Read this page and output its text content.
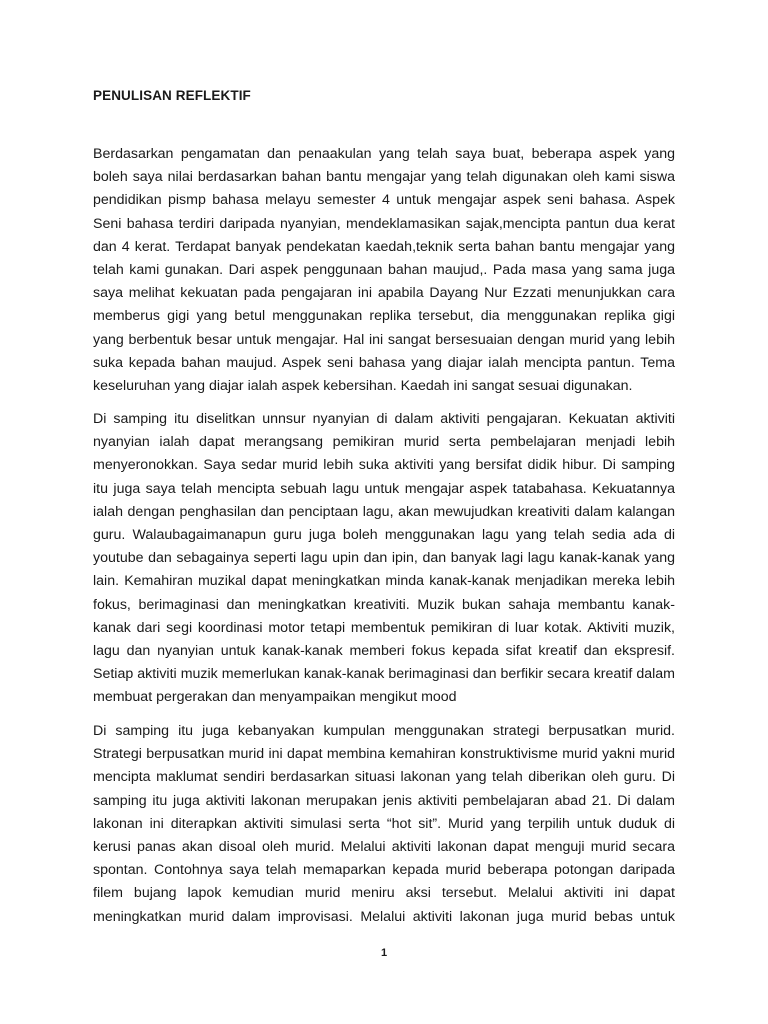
PENULISAN REFLEKTIF
Berdasarkan pengamatan dan penaakulan yang telah saya buat, beberapa aspek yang
boleh saya nilai berdasarkan bahan bantu mengajar yang telah digunakan oleh kami siswa
pendidikan pismp bahasa melayu semester 4 untuk mengajar aspek seni bahasa. Aspek
Seni bahasa terdiri daripada nyanyian, mendeklamasikan sajak,mencipta pantun dua kerat
dan 4 kerat. Terdapat banyak pendekatan kaedah,teknik serta bahan bantu mengajar yang
telah kami gunakan. Dari aspek penggunaan bahan maujud,. Pada masa yang sama juga
saya melihat kekuatan pada pengajaran ini apabila Dayang Nur Ezzati menunjukkan cara
memberus gigi yang betul menggunakan replika tersebut, dia menggunakan replika gigi
yang berbentuk besar untuk mengajar. Hal ini sangat bersesuaian dengan murid yang lebih
suka kepada bahan maujud. Aspek seni bahasa yang diajar ialah mencipta pantun. Tema
keseluruhan yang diajar ialah aspek kebersihan. Kaedah ini sangat sesuai digunakan.
Di samping itu diselitkan unnsur nyanyian di dalam aktiviti pengajaran. Kekuatan aktiviti
nyanyian ialah dapat merangsang pemikiran murid serta pembelajaran menjadi lebih
menyeronokkan. Saya sedar murid lebih suka aktiviti yang bersifat didik hibur. Di samping
itu juga saya telah mencipta sebuah lagu untuk mengajar aspek tatabahasa. Kekuatannya
ialah dengan penghasilan dan penciptaan lagu, akan mewujudkan kreativiti dalam kalangan
guru. Walaubagaimanapun guru juga boleh menggunakan lagu yang telah sedia ada di
youtube dan sebagainya seperti lagu upin dan ipin, dan banyak lagi lagu kanak-kanak yang
lain. Kemahiran muzikal dapat meningkatkan minda kanak-kanak menjadikan mereka lebih
fokus, berimaginasi dan meningkatkan kreativiti. Muzik bukan sahaja membantu kanak-
kanak dari segi koordinasi motor tetapi membentuk pemikiran di luar kotak. Aktiviti muzik,
lagu dan nyanyian untuk kanak-kanak memberi fokus kepada sifat kreatif dan ekspresif.
Setiap aktiviti muzik memerlukan kanak-kanak berimaginasi dan berfikir secara kreatif dalam
membuat pergerakan dan menyampaikan mengikut mood
Di samping itu juga kebanyakan kumpulan menggunakan strategi berpusatkan murid.
Strategi berpusatkan murid ini dapat membina kemahiran konstruktivisme murid yakni murid
mencipta maklumat sendiri berdasarkan situasi lakonan yang telah diberikan oleh guru. Di
samping itu juga aktiviti lakonan merupakan jenis aktiviti pembelajaran abad 21. Di dalam
lakonan ini diterapkan aktiviti simulasi serta “hot sit”. Murid yang terpilih untuk duduk di
kerusi panas akan disoal oleh murid. Melalui aktiviti lakonan dapat menguji murid secara
spontan. Contohnya saya telah memaparkan kepada murid beberapa potongan daripada
filem bujang lapok kemudian murid meniru aksi tersebut. Melalui aktiviti ini dapat
meningkatkan murid dalam improvisasi. Melalui aktiviti lakonan juga murid bebas untuk
1
